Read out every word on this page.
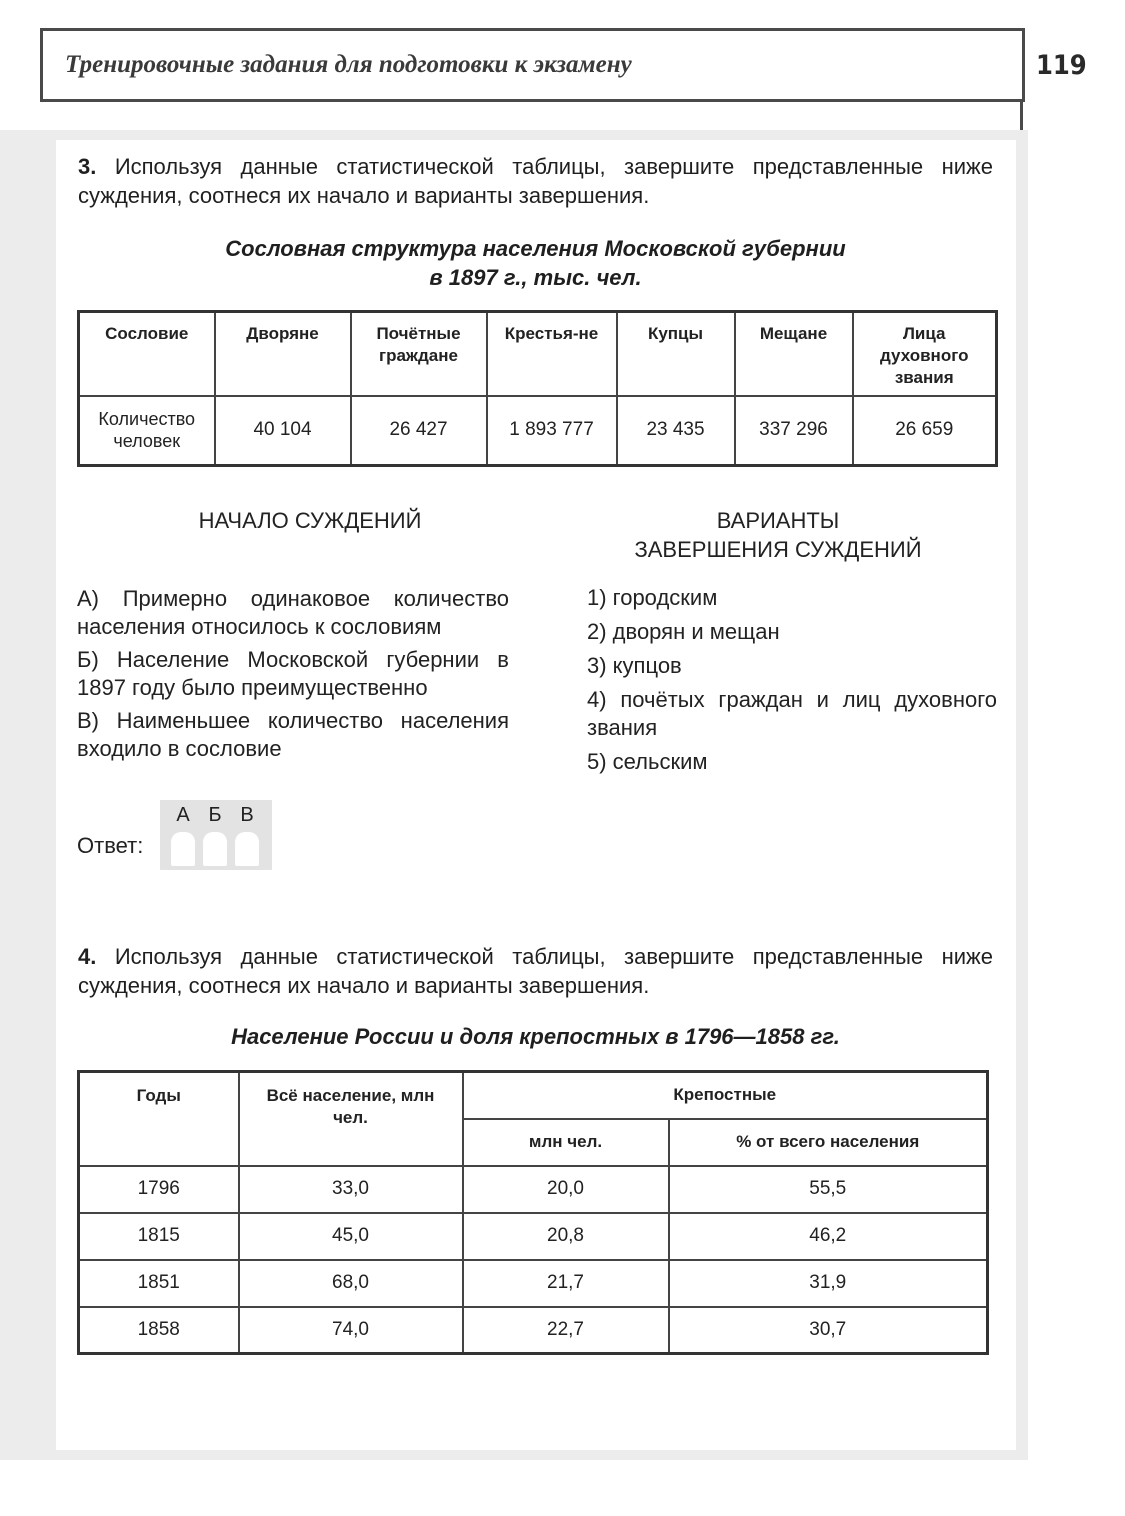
Тренировочные задания для подготовки к экзамену	119
3. Используя данные статистической таблицы, завершите представленные ниже суждения, соотнеся их начало и варианты завершения.
Сословная структура населения Московской губернии
в 1897 г., тыс. чел.
Сословие	Дворяне	Почётные граждане	Крестья-не	Купцы	Мещане	Лица духовного звания
Количество человек	40 104	26 427	1 893 777	23 435	337 296	26 659
НАЧАЛО СУЖДЕНИЙ	ВАРИАНТЫ
ЗАВЕРШЕНИЯ СУЖДЕНИЙ
А) Примерно одинаковое количество населения относилось к сословиям
Б) Население Московской губернии в 1897 году было преимущественно
В) Наименьшее количество населения входило в сословие
1) городским
2) дворян и мещан
3) купцов
4) почётых граждан и лиц духовного звания
5) сельским
Ответ:
А Б В
4. Используя данные статистической таблицы, завершите представленные ниже суждения, соотнеся их начало и варианты завершения.
Население России и доля крепостных в 1796—1858 гг.
Годы	Всё население, млн чел.	Крепостные	
		млн чел.	% от всего населения
1796	33,0	20,0	55,5
1815	45,0	20,8	46,2
1851	68,0	21,7	31,9
1858	74,0	22,7	30,7
